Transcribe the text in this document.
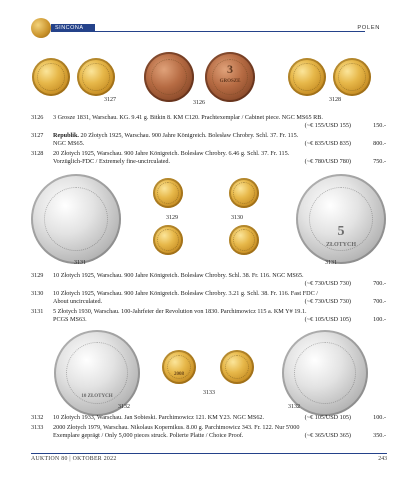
SINCONA	POLEN
3
GROSZE
3127	3126	3128
3126 3 Grosze 1831, Warschau. KG. 9.41 g. Bitkin 8. KM C120. Prachtexemplar / Cabinet piece. NGC MS65 RB.
(~€ 155/USD 155)	150.-
3127 Republik. 20 Złotych 1925, Warschau. 900 Jahre Königreich. Bolesław Chrobry. Schl. 37. Fr. 115.
NGC MS65.	(~€ 835/USD 835)	800.-
3128 20 Złotych 1925, Warschau. 900 Jahre Königreich. Bolesław Chrobry. 6.46 g. Schl. 37. Fr. 115.
Vorzüglich-FDC / Extremely fine-uncirculated.	(~€ 780/USD 780)	750.-
5
ZŁOTYCH
3129	3130
3131	3131
3129 10 Złotych 1925, Warschau. 900 Jahre Königreich. Bolesław Chrobry. Schl. 38. Fr. 116. NGC MS65.
(~€ 730/USD 730)	700.-
3130 10 Złotych 1925, Warschau. 900 Jahre Königreich. Bolesław Chrobry. 3.21 g. Schl. 38. Fr. 116. Fast FDC /
About uncirculated.	(~€ 730/USD 730)	700.-
3131 5 Złotych 1930, Warschau. 100-Jahrfeier der Revolution von 1830. Parchimowicz 115 a. KM Y# 19.1.
PCGS MS63.	(~€ 105/USD 105)	100.-
10 ZŁOTYCH
2008
3132
3133
3132
3132 10 Złotych 1933, Warschau. Jan Sobieski. Parchimowicz 121. KM Y23. NGC MS62.	(~€ 105/USD 105)	100.-
3133 2000 Złotych 1979, Warschau. Nikolaus Kopernikus. 8.00 g. Parchimowicz 343. Fr. 122. Nur 5'000
Exemplare geprägt / Only 5,000 pieces struck. Polierte Platte / Choice Proof.	(~€ 365/USD 365)	350.-
AUKTION 80 | OKTOBER 2022	243
